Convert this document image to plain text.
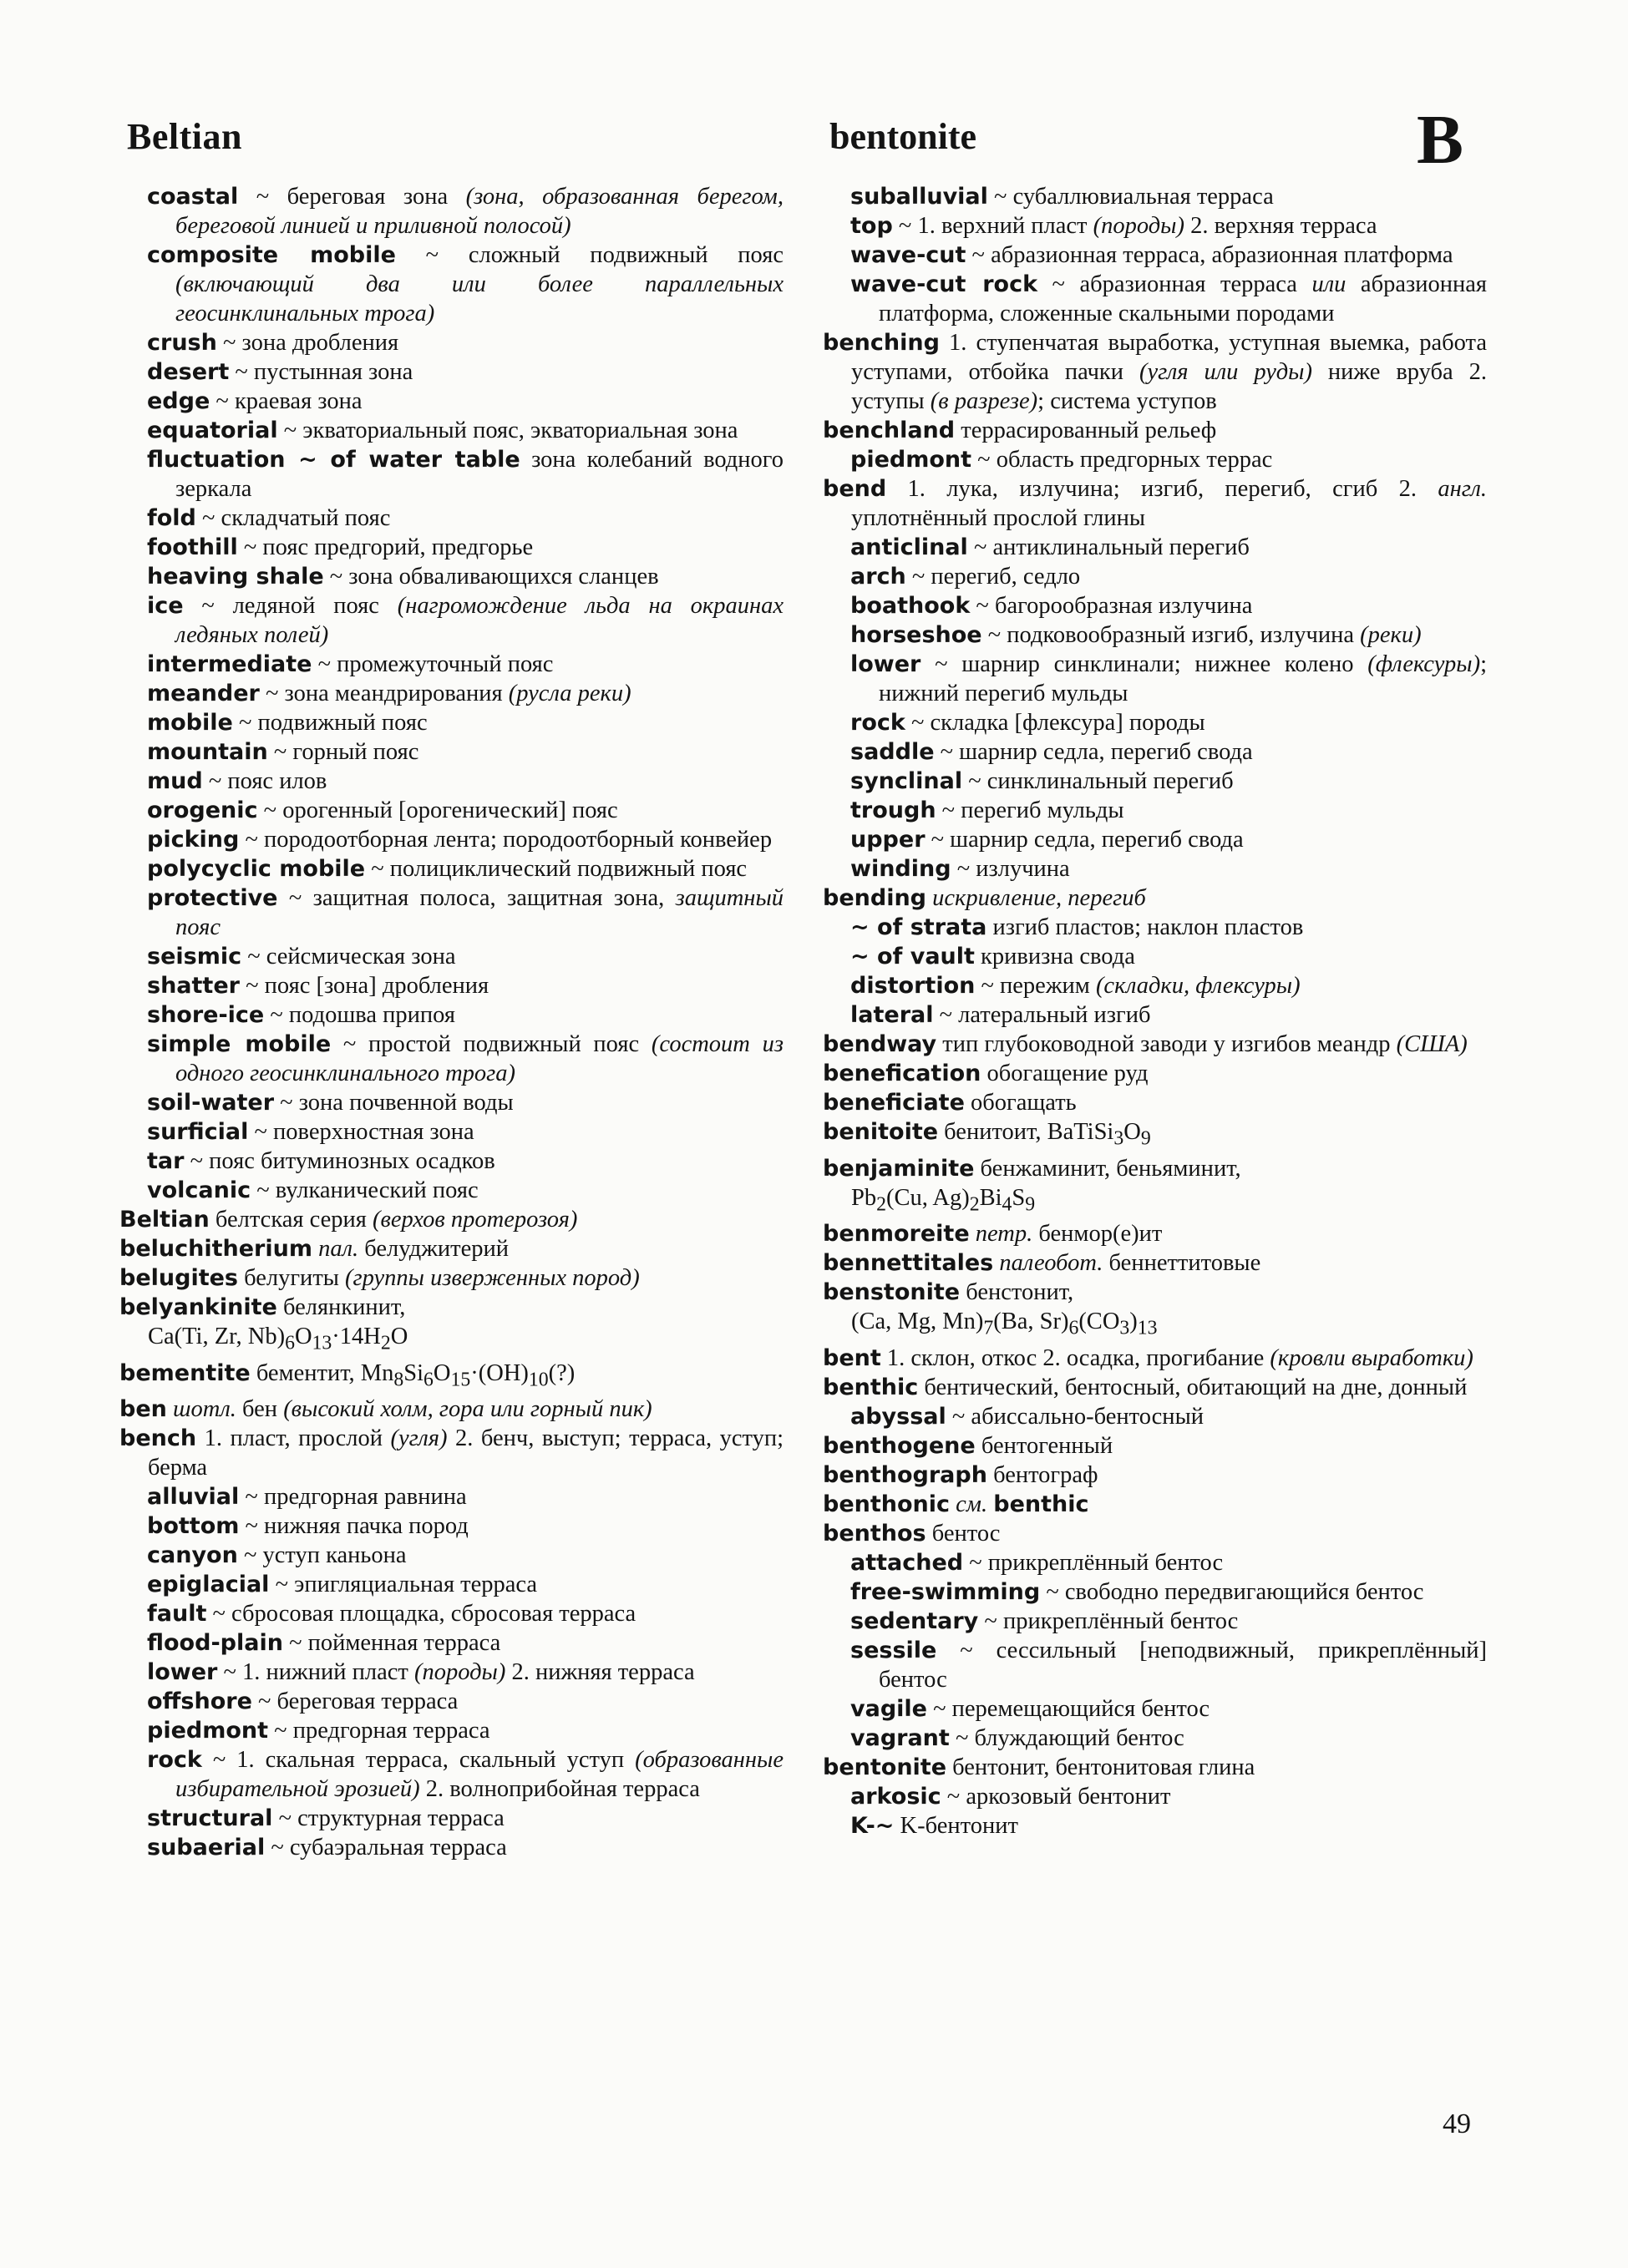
Beltian	bentonite	B

coastal ~ береговая зона (зона, образованная берегом, береговой линией и приливной полосой)

composite mobile ~ сложный подвижный пояс (включающий два или более параллельных геосинклинальных трога)

crush ~ зона дробления

desert ~ пустынная зона

edge ~ краевая зона

equatorial ~ экваториальный пояс, экваториальная зона

fluctuation ~ of water table зона колебаний водного зеркала

fold ~ складчатый пояс

foothill ~ пояс предгорий, предгорье

heaving shale ~ зона обваливающихся сланцев

ice ~ ледяной пояс (нагромождение льда на окраинах ледяных полей)

intermediate ~ промежуточный пояс

meander ~ зона меандрирования (русла реки)

mobile ~ подвижный пояс

mountain ~ горный пояс

mud ~ пояс илов

orogenic ~ орогенный [орогенический] пояс

picking ~ породоотборная лента; породоотборный конвейер

polycyclic mobile ~ полициклический подвижный пояс

protective ~ защитная полоса, защитная зона, защитный пояс

seismic ~ сейсмическая зона

shatter ~ пояс [зона] дробления

shore-ice ~ подошва припоя

simple mobile ~ простой подвижный пояс (состоит из одного геосинклинального трога)

soil-water ~ зона почвенной воды

surficial ~ поверхностная зона

tar ~ пояс битуминозных осадков

volcanic ~ вулканический пояс

Beltian белтская серия (верхов протерозоя)

beluchitherium пал. белуджитерий

belugites белугиты (группы изверженных пород)

belyankinite белянкинит,
Ca(Ti, Zr, $Nb)_6O_{13}\cdot 14H_2O$

bementite бементит, $Mn_8Si_6O_{15}\cdot(OH)_{10}(?)$

ben шотл. бен (высокий холм, гора или горный пик)

bench 1. пласт, прослой (угля) 2. бенч, выступ; терраса, уступ; берма

alluvial ~ предгорная равнина

bottom ~ нижняя пачка пород

canyon ~ уступ каньона

epiglacial ~ эпигляциальная терраса

fault ~ сбросовая площадка, сбросовая терраса

flood-plain ~ пойменная терраса

lower ~ 1. нижний пласт (породы) 2. нижняя терраса

offshore ~ береговая терраса

piedmont ~ предгорная терраса

rock ~ 1. скальная терраса, скальный уступ (образованные избирательной эрозией) 2. волноприбойная терраса

structural ~ структурная терраса

subaerial ~ субаэральная терраса

suballuvial ~ субаллювиальная терраса

top ~ 1. верхний пласт (породы) 2. верхняя терраса

wave-cut ~ абразионная терраса, абразионная платформа

wave-cut rock ~ абразионная терраса или абразионная платформа, сложенные скальными породами

benching 1. ступенчатая выработка, уступная выемка, работа уступами, отбойка пачки (угля или руды) ниже вруба 2. уступы (в разрезе); система уступов

benchland террасированный рельеф

piedmont ~ область предгорных террас

bend 1. лука, излучина; изгиб, перегиб, сгиб 2. англ. уплотнённый прослой глины

anticlinal ~ антиклинальный перегиб

arch ~ перегиб, седло

boathook ~ багорообразная излучина

horseshoe ~ подковообразный изгиб, излучина (реки)

lower ~ шарнир синклинали; нижнее колено (флексуры); нижний перегиб мульды

rock ~ складка [флексура] породы

saddle ~ шарнир седла, перегиб свода

synclinal ~ синклинальный перегиб

trough ~ перегиб мульды

upper ~ шарнир седла, перегиб свода

winding ~ излучина

bending искривление, перегиб

~ of strata изгиб пластов; наклон пластов

~ of vault кривизна свода

distortion ~ пережим (складки, флексуры)

lateral ~ латеральный изгиб

bendway тип глубоководной заводи у изгибов меандр (США)

benefication обогащение руд

beneficiate обогащать

benitoite бенитоит, $BaTiSi_3O_9$

benjaminite бенжаминит, беньяминит,
$Pb_2(Cu$, $Ag)_2Bi_4S_9$

benmoreite петр. бенмор(е)ит

bennettitales палеобот. беннеттитовые

benstonite бенстонит,
(Ca, Mg, $Mn)_7(Ba$, $Sr)_6(CO_3)_{13}$

bent 1. склон, откос 2. осадка, прогибание (кровли выработки)

benthic бентический, бентосный, обитающий на дне, донный

abyssal ~ абиссально-бентосный

benthogene бентогенный

benthograph бентограф

benthonic см. benthic

benthos бентос

attached ~ прикреплённый бентос

free-swimming ~ свободно передвигающийся бентос

sedentary ~ прикреплённый бентос

sessile ~ сессильный [неподвижный, прикреплённый] бентос

vagile ~ перемещающийся бентос

vagrant ~ блуждающий бентос

bentonite бентонит, бентонитовая глина

arkosic ~ аркозовый бентонит

K-~ K-бентонит

49
